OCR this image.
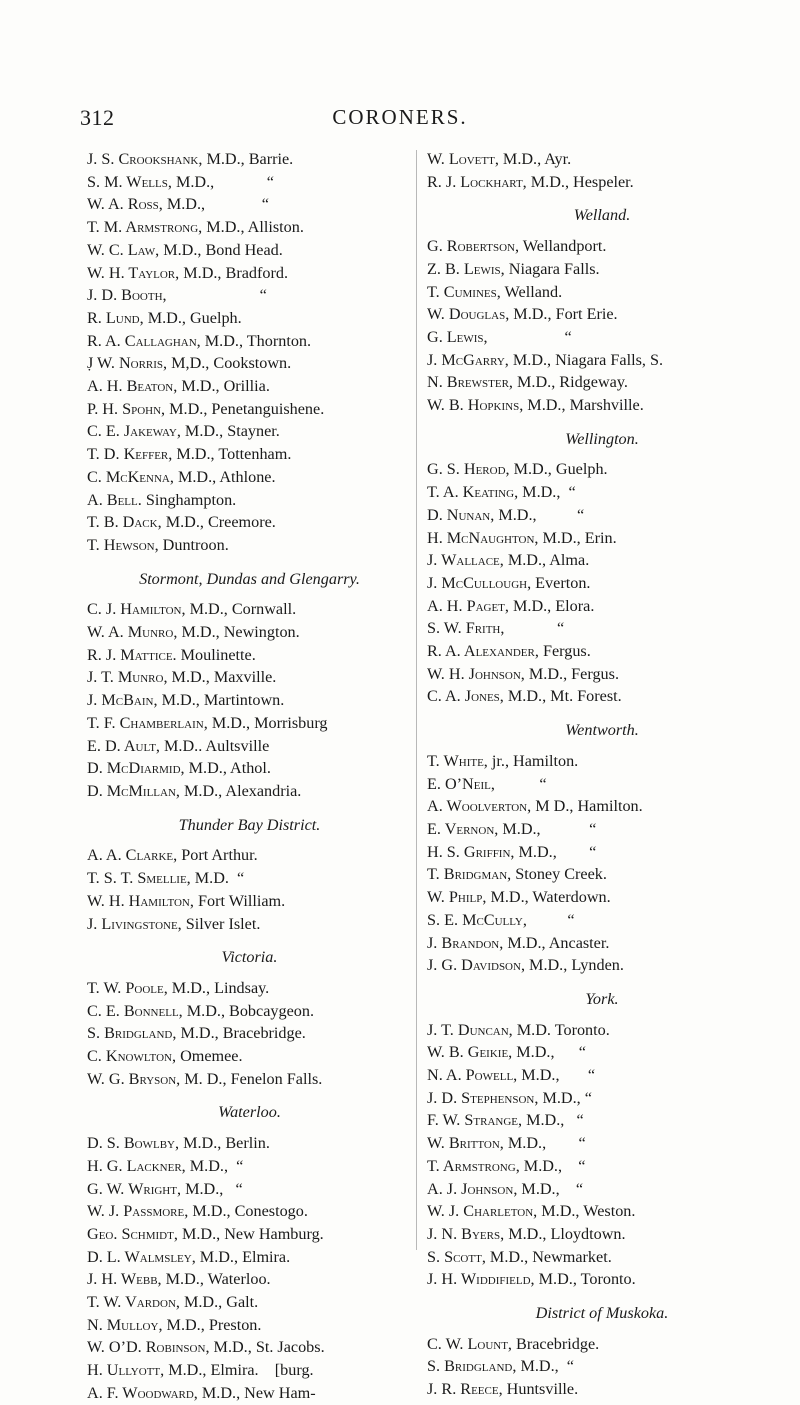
312	CORONERS.
J. S. Crookshank, M.D., Barrie.
S. M. Wells, M.D.,             “
W. A. Ross, M.D.,              “
T. M. Armstrong, M.D., Alliston.
W. C. Law, M.D., Bond Head.
W. H. Taylor, M.D., Bradford.
J. D. Booth,                       “
R. Lund, M.D., Guelph.
R. A. Callaghan, M.D., Thornton.
J̣ W. Norris, M,D., Cookstown.
A. H. Beaton, M.D., Orillia.
P. H. Spohn, M.D., Penetanguishene.
C. E. Jakeway, M.D., Stayner.
T. D. Keffer, M.D., Tottenham.
C. McKenna, M.D., Athlone.
A. Bell. Singhampton.
T. B. Dack, M.D., Creemore.
T. Hewson, Duntroon.
Stormont, Dundas and Glengarry.
C. J. Hamilton, M.D., Cornwall.
W. A. Munro, M.D., Newington.
R. J. Mattice. Moulinette.
J. T. Munro, M.D., Maxville.
J. McBain, M.D., Martintown.
T. F. Chamberlain, M.D., Morrisburg
E. D. Ault, M.D.. Aultsville
D. McDiarmid, M.D., Athol.
D. McMillan, M.D., Alexandria.
Thunder Bay District.
A. A. Clarke, Port Arthur.
T. S. T. Smellie, M.D.  “
W. H. Hamilton, Fort William.
J. Livingstone, Silver Islet.
Victoria.
T. W. Poole, M.D., Lindsay.
C. E. Bonnell, M.D., Bobcaygeon.
S. Bridgland, M.D., Bracebridge.
C. Knowlton, Omemee.
W. G. Bryson, M. D., Fenelon Falls.
Waterloo.
D. S. Bowlby, M.D., Berlin.
H. G. Lackner, M.D.,  “
G. W. Wright, M.D.,   “
W. J. Passmore, M.D., Conestogo.
Geo. Schmidt, M.D., New Hamburg.
D. L. Walmsley, M.D., Elmira.
J. H. Webb, M.D., Waterloo.
T. W. Vardon, M.D., Galt.
N. Mulloy, M.D., Preston.
W. O’D. Robinson, M.D., St. Jacobs.
H. Ullyott, M.D., Elmira.    [burg.
A. F. Woodward, M.D., New Ham-
W. Lovett, M.D., Ayr.
R. J. Lockhart, M.D., Hespeler.
Welland.
G. Robertson, Wellandport.
Z. B. Lewis, Niagara Falls.
T. Cumines, Welland.
W. Douglas, M.D., Fort Erie.
G. Lewis,                   “
J. McGarry, M.D., Niagara Falls, S.
N. Brewster, M.D., Ridgeway.
W. B. Hopkins, M.D., Marshville.
Wellington.
G. S. Herod, M.D., Guelph.
T. A. Keating, M.D.,  “
D. Nunan, M.D.,          “
H. McNaughton, M.D., Erin.
J. Wallace, M.D., Alma.
J. McCullough, Everton.
A. H. Paget, M.D., Elora.
S. W. Frith,             “
R. A. Alexander, Fergus.
W. H. Johnson, M.D., Fergus.
C. A. Jones, M.D., Mt. Forest.
Wentworth.
T. White, jr., Hamilton.
E. O’Neil,           “
A. Woolverton, M D., Hamilton.
E. Vernon, M.D.,            “
H. S. Griffin, M.D.,        “
T. Bridgman, Stoney Creek.
W. Philp, M.D., Waterdown.
S. E. McCully,          “
J. Brandon, M.D., Ancaster.
J. G. Davidson, M.D., Lynden.
York.
J. T. Duncan, M.D. Toronto.
W. B. Geikie, M.D.,      “
N. A. Powell, M.D.,       “
J. D. Stephenson, M.D., “
F. W. Strange, M.D.,   “
W. Britton, M.D.,        “
T. Armstrong, M.D.,    “
A. J. Johnson, M.D.,    “
W. J. Charleton, M.D., Weston.
J. N. Byers, M.D., Lloydtown.
S. Scott, M.D., Newmarket.
J. H. Widdifield, M.D., Toronto.
District of Muskoka.
C. W. Lount, Bracebridge.
S. Bridgland, M.D.,  “
J. R. Reece, Huntsville.
